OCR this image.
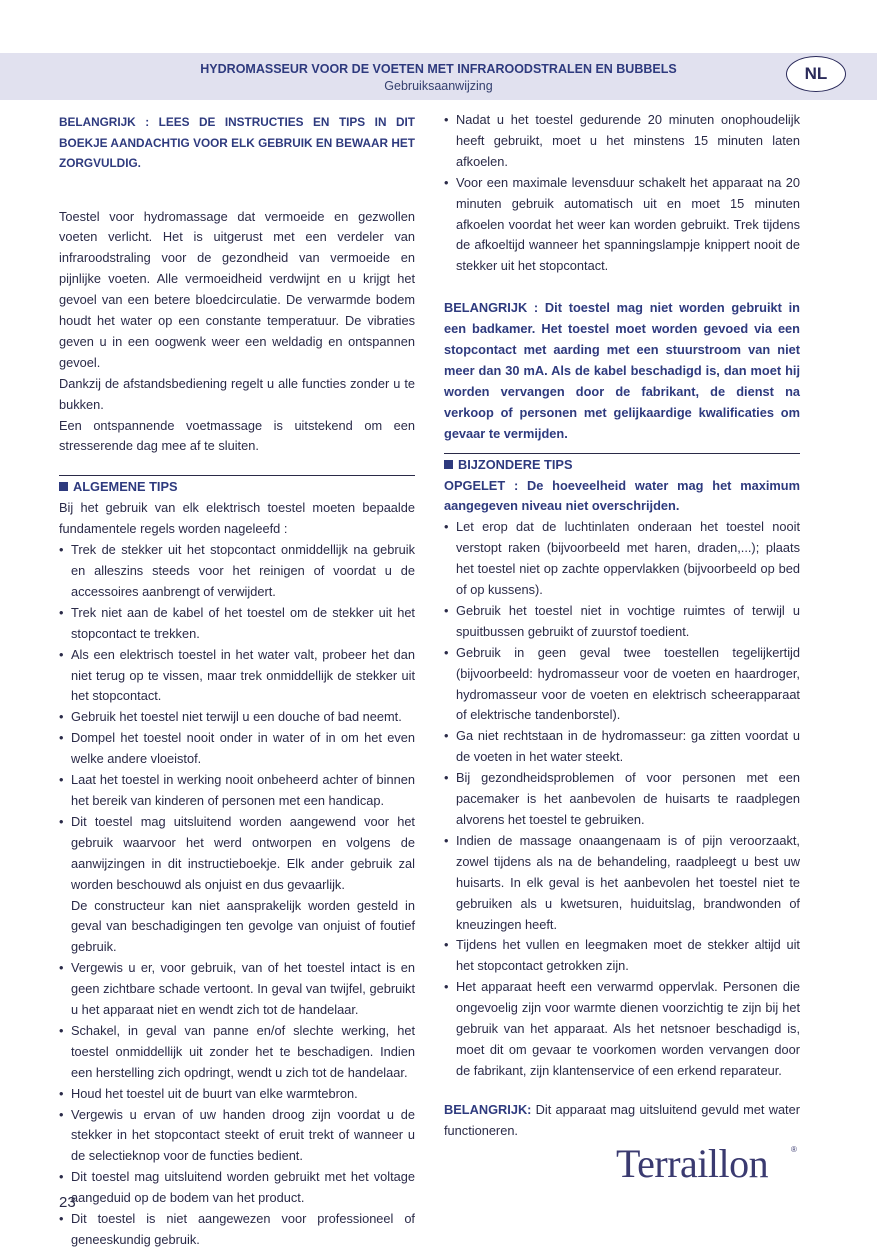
HYDROMASSEUR VOOR DE VOETEN MET INFRAROODSTRALEN EN BUBBELS
Gebruiksaanwijzing
NL

BELANGRIJK : LEES DE INSTRUCTIES EN TIPS IN DIT BOEKJE AANDACHTIG VOOR ELK GEBRUIK EN BEWAAR HET ZORGVULDIG.

Toestel voor hydromassage dat vermoeide en gezwollen voeten verlicht. Het is uitgerust met een verdeler van infraroodstraling voor de gezondheid van vermoeide en pijnlijke voeten. Alle vermoeidheid verdwijnt en u krijgt het gevoel van een betere bloedcirculatie. De verwarmde bodem houdt het water op een constante temperatuur. De vibraties geven u in een oogwenk weer een weldadig en ontspannen gevoel.

Dankzij de afstandsbediening regelt u alle functies zonder u te bukken.

Een ontspannende voetmassage is uitstekend om een stresserende dag mee af te sluiten.

ALGEMENE TIPS

Bij het gebruik van elk elektrisch toestel moeten bepaalde fundamentele regels worden nageleefd :

• Trek de stekker uit het stopcontact onmiddellijk na gebruik en alleszins steeds voor het reinigen of voordat u de accessoires aanbrengt of verwijdert.
• Trek niet aan de kabel of het toestel om de stekker uit het stopcontact te trekken.
• Als een elektrisch toestel in het water valt, probeer het dan niet terug op te vissen, maar trek onmiddellijk de stekker uit het stopcontact.
• Gebruik het toestel niet terwijl u een douche of bad neemt.
• Dompel het toestel nooit onder in water of in om het even welke andere vloeistof.
• Laat het toestel in werking nooit onbeheerd achter of binnen het bereik van kinderen of personen met een handicap.
• Dit toestel mag uitsluitend worden aangewend voor het gebruik waarvoor het werd ontworpen en volgens de aanwijzingen in dit instructieboekje. Elk ander gebruik zal worden beschouwd als onjuist en dus gevaarlijk.
De constructeur kan niet aansprakelijk worden gesteld in geval van beschadigingen ten gevolge van onjuist of foutief gebruik.
• Vergewis u er, voor gebruik, van of het toestel intact is en geen zichtbare schade vertoont. In geval van twijfel, gebruikt u het apparaat niet en wendt zich tot de handelaar.
• Schakel, in geval van panne en/of slechte werking, het toestel onmiddellijk uit zonder het te beschadigen. Indien een herstelling zich opdringt, wendt u zich tot de handelaar.
• Houd het toestel uit de buurt van elke warmtebron.
• Vergewis u ervan of uw handen droog zijn voordat u de stekker in het stopcontact steekt of eruit trekt of wanneer u de selectieknop voor de functies bedient.
• Dit toestel mag uitsluitend worden gebruikt met het voltage aangeduid op de bodem van het product.
• Dit toestel is niet aangewezen voor professioneel of geneeskundig gebruik.
• Nadat u het toestel gedurende 20 minuten onophoudelijk heeft gebruikt, moet u het minstens 15 minuten laten afkoelen.
• Voor een maximale levensduur schakelt het apparaat na 20 minuten gebruik automatisch uit en moet 15 minuten afkoelen voordat het weer kan worden gebruikt. Trek tijdens de afkoeltijd wanneer het spanningslampje knippert nooit de stekker uit het stopcontact.

BELANGRIJK : Dit toestel mag niet worden gebruikt in een badkamer. Het toestel moet worden gevoed via een stopcontact met aarding met een stuurstroom van niet meer dan 30 mA. Als de kabel beschadigd is, dan moet hij worden vervangen door de fabrikant, de dienst na verkoop of personen met gelijkaardige kwalificaties om gevaar te vermijden.

BIJZONDERE TIPS

OPGELET : De hoeveelheid water mag het maximum aangegeven niveau niet overschrijden.

• Let erop dat de luchtinlaten onderaan het toestel nooit verstopt raken (bijvoorbeeld met haren, draden,...); plaats het toestel niet op zachte oppervlakken (bijvoorbeeld op bed of op kussens).
• Gebruik het toestel niet in vochtige ruimtes of terwijl u spuitbussen gebruikt of zuurstof toedient.
• Gebruik in geen geval twee toestellen tegelijkertijd (bijvoorbeeld: hydromasseur voor de voeten en haardroger, hydromasseur voor de voeten en elektrisch scheerapparaat of elektrische tandenborstel).
• Ga niet rechtstaan in de hydromasseur: ga zitten voordat u de voeten in het water steekt.
• Bij gezondheidsproblemen of voor personen met een pacemaker is het aanbevolen de huisarts te raadplegen alvorens het toestel te gebruiken.
• Indien de massage onaangenaam is of pijn veroorzaakt, zowel tijdens als na de behandeling, raadpleegt u best uw huisarts. In elk geval is het aanbevolen het toestel niet te gebruiken als u kwetsuren, huiduitslag, brandwonden of kneuzingen heeft.
• Tijdens het vullen en leegmaken moet de stekker altijd uit het stopcontact getrokken zijn.
• Het apparaat heeft een verwarmd oppervlak. Personen die ongevoelig zijn voor warmte dienen voorzichtig te zijn bij het gebruik van het apparaat. Als het netsnoer beschadigd is, moet dit om gevaar te voorkomen worden vervangen door de fabrikant, zijn klantenservice of een erkend reparateur.

BELANGRIJK: Dit apparaat mag uitsluitend gevuld met water functioneren.

23
Terraillon	®
